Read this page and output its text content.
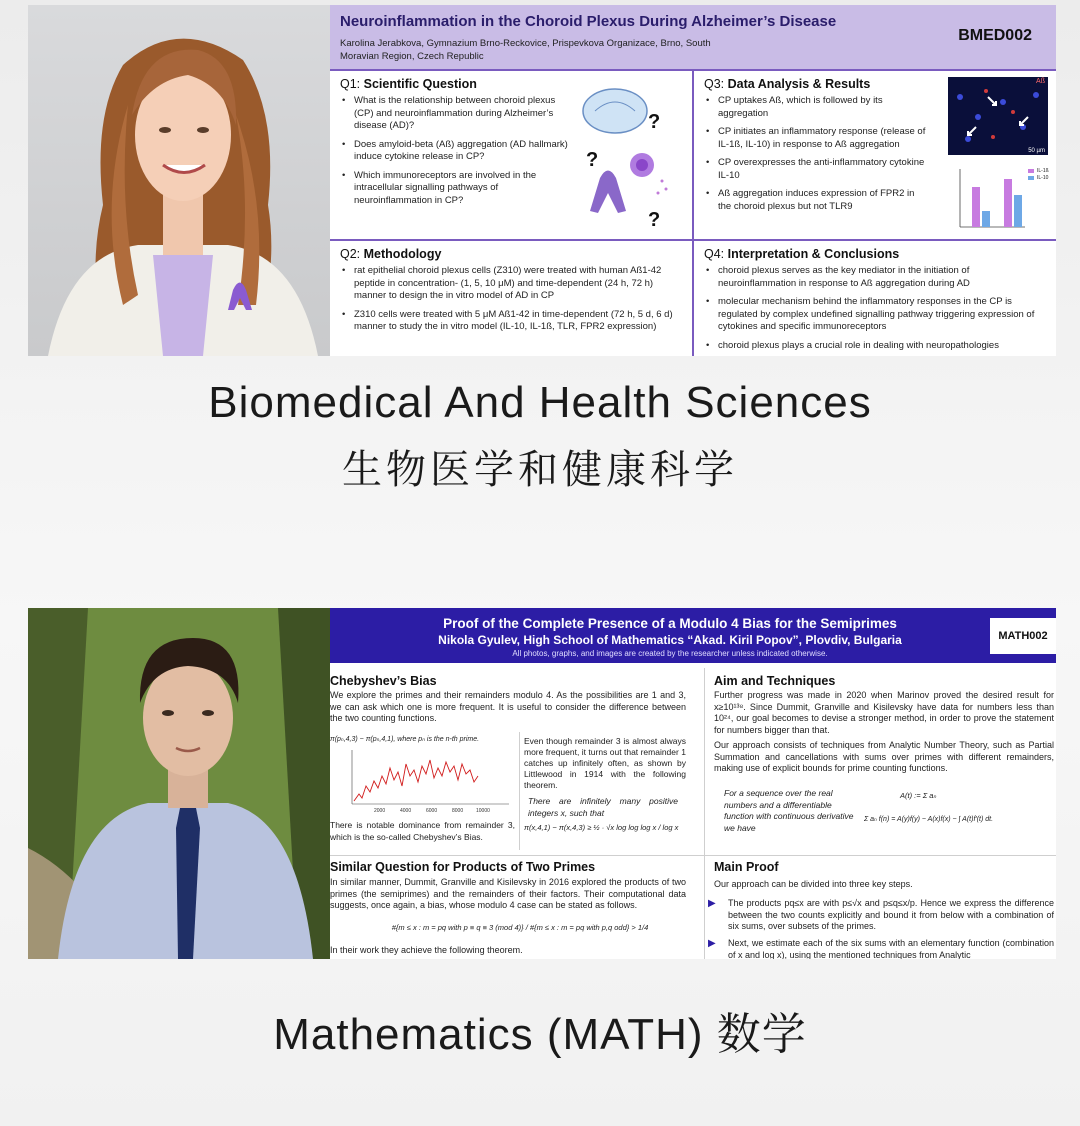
Neuroinflammation in the Choroid Plexus During Alzheimer’s Disease
Karolina Jerabkova, Gymnazium Brno-Reckovice, Prispevkova Organizace, Brno, South Moravian Region, Czech Republic
BMED002
Q1: Scientific Question
• What is the relationship between choroid plexus (CP) and neuroinflammation during Alzheimer’s disease (AD)?
• Does amyloid-beta (Aß) aggregation (AD hallmark) induce cytokine release in CP?
• Which immunoreceptors are involved in the intracellular signalling pathways of neuroinflammation in CP?
?
?
?
Q2: Methodology
• rat epithelial choroid plexus cells (Z310) were treated with human Aß1-42 peptide in concentration- (1, 5, 10 μM) and time-dependent (24 h, 72 h) manner to design the in vitro model of AD in CP
• Z310 cells were treated with 5 μM Aß1-42 in time-dependent (72 h, 5 d, 6 d) manner to study the in vitro model (IL-10, IL-1ß, TLR, FPR2 expression)
Q3: Data Analysis & Results
• CP uptakes Aß, which is followed by its aggregation
• CP initiates an inflammatory response (release of IL-1ß, IL-10) in response to Aß aggregation
• CP overexpresses the anti-inflammatory cytokine IL-10
• Aß aggregation induces expression of FPR2 in the choroid plexus but not TLR9
Aß
50 µm
IL-1ß
IL-10
Q4: Interpretation & Conclusions
• choroid plexus serves as the key mediator in the initiation of neuroinflammation in response to Aß aggregation during AD
• molecular mechanism behind the inflammatory responses in the CP is regulated by complex undefined signalling pathway triggering expression of cytokines and specific immunoreceptors
• choroid plexus plays a crucial role in dealing with neuropathologies
Biomedical And Health Sciences
生物医学和健康科学
Proof of the Complete Presence of a Modulo 4 Bias for the Semiprimes
Nikola Gyulev, High School of Mathematics “Akad. Kiril Popov”, Plovdiv, Bulgaria
All photos, graphs, and images are created by the researcher unless indicated otherwise.
MATH002
Chebyshev’s Bias
We explore the primes and their remainders modulo 4. As the possibilities are 1 and 3, we can ask which one is more frequent. It is useful to consider the difference between the two counting functions.
π(pₙ,4,3) − π(pₙ,4,1), where pₙ is the n-th prime.
2000	4000	6000	8000	10000
There is notable dominance from remainder 3, which is the so-called Chebyshev’s Bias.
Even though remainder 3 is almost always more frequent, it turns out that remainder 1 catches up infinitely often, as shown by Littlewood in 1914 with the following theorem.
There are infinitely many positive integers x, such that
π(x,4,1) − π(x,4,3) ≥ ½ · √x log log log x / log x
Similar Question for Products of Two Primes
In similar manner, Dummit, Granville and Kisilevsky in 2016 explored the products of two primes (the semiprimes) and the remainders of their factors. Their computational data suggests, once again, a bias, whose modulo 4 case can be stated as follows.
#{m ≤ x : m = pq with p ≡ q ≡ 3 (mod 4)} / #{m ≤ x : m = pq with p,q odd} > 1/4
In their work they achieve the following theorem.
Aim and Techniques
Further progress was made in 2020 when Marinov proved the desired result for x≥10¹³⁸. Since Dummit, Granville and Kisilevsky have data for numbers less than 10²⁴, our goal becomes to devise a stronger method, in order to prove the statement for numbers bigger than that.
Our approach consists of techniques from Analytic Number Theory, such as Partial Summation and cancellations with sums over primes with different remainders, making use of explicit bounds for prime counting functions.
For a sequence over the real numbers and a differentiable function with continuous derivative we have
A(t) := Σ aₙ
Σ aₙ f(n) = A(y)f(y) − A(x)f(x) − ∫ A(t)f′(t) dt.
Main Proof
Our approach can be divided into three key steps.
▶ The products pq≤x are with p≤√x and p≤q≤x/p. Hence we express the difference between the two counts explicitly and bound it from below with a combination of six sums, over subsets of the primes.
▶ Next, we estimate each of the six sums with an elementary function (combination of x and log x), using the mentioned techniques from Analytic
Mathematics (MATH) 数学
